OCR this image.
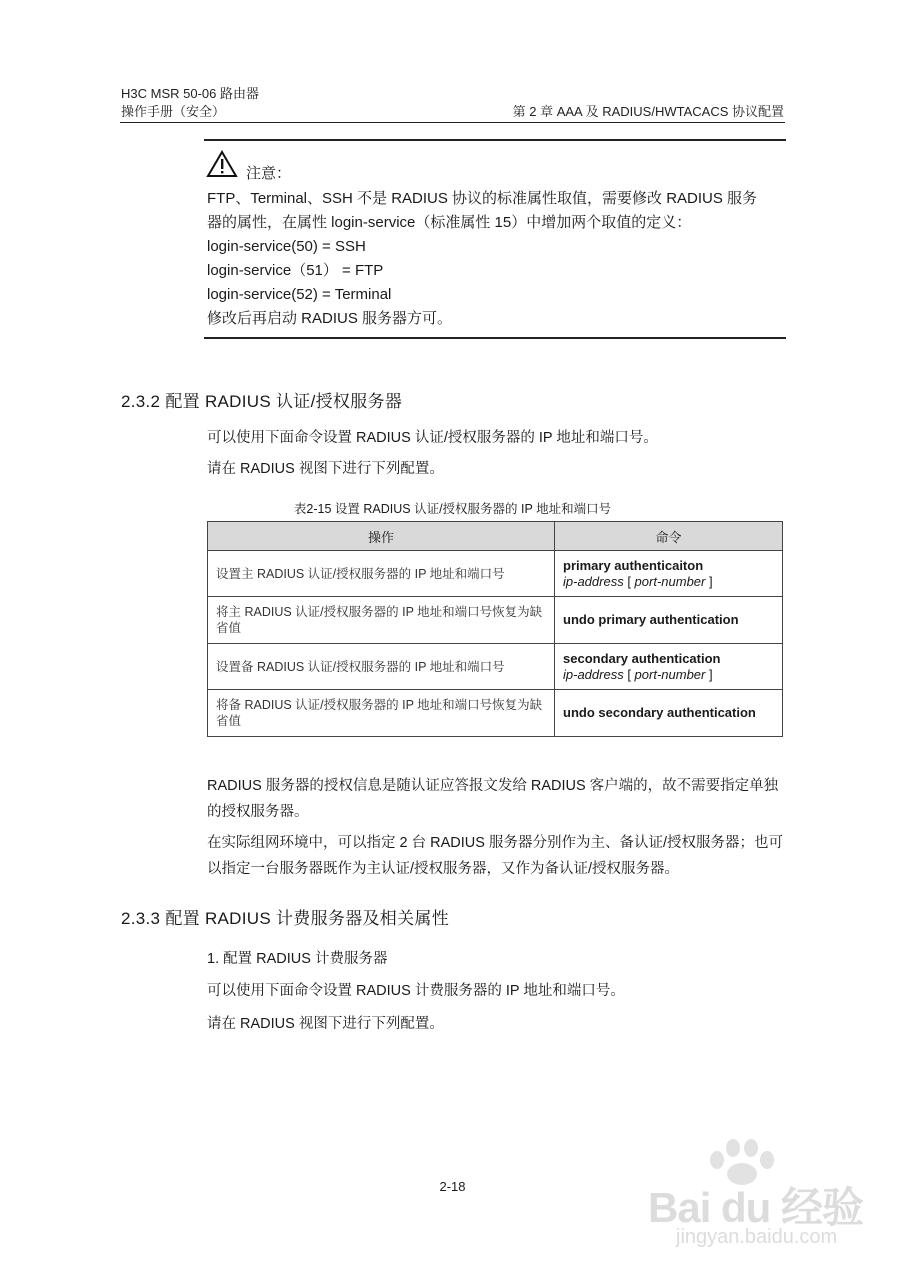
H3C MSR 50-06 路由器
操作手册（安全）	第 2 章 AAA 及 RADIUS/HWTACACS 协议配置
注意：
FTP、Terminal、SSH 不是 RADIUS 协议的标准属性取值，需要修改 RADIUS 服务
器的属性，在属性 login-service（标准属性 15）中增加两个取值的定义：
login-service(50) = SSH
login-service（51） = FTP
login-service(52) = Terminal
修改后再启动 RADIUS 服务器方可。
2.3.2 配置 RADIUS 认证/授权服务器
可以使用下面命令设置 RADIUS 认证/授权服务器的 IP 地址和端口号。
请在 RADIUS 视图下进行下列配置。
表2-15 设置 RADIUS 认证/授权服务器的 IP 地址和端口号
操作	命令
设置主 RADIUS 认证/授权服务器的 IP 地址和端口号	primary authenticaiton
ip-address [ port-number ]

将主 RADIUS 认证/授权服务器的 IP 地址和端口号恢复为缺省值	undo primary authentication
设置备 RADIUS 认证/授权服务器的 IP 地址和端口号	secondary authentication
ip-address [ port-number ]

将备 RADIUS 认证/授权服务器的 IP 地址和端口号恢复为缺省值	undo secondary authentication
RADIUS 服务器的授权信息是随认证应答报文发给 RADIUS 客户端的，故不需要指定单独的授权服务器。
在实际组网环境中，可以指定 2 台 RADIUS 服务器分别作为主、备认证/授权服务器；也可以指定一台服务器既作为主认证/授权服务器，又作为备认证/授权服务器。
2.3.3 配置 RADIUS 计费服务器及相关属性
1. 配置 RADIUS 计费服务器
可以使用下面命令设置 RADIUS 计费服务器的 IP 地址和端口号。
请在 RADIUS 视图下进行下列配置。
2-18	Bai du 经验
jingyan.baidu.com
